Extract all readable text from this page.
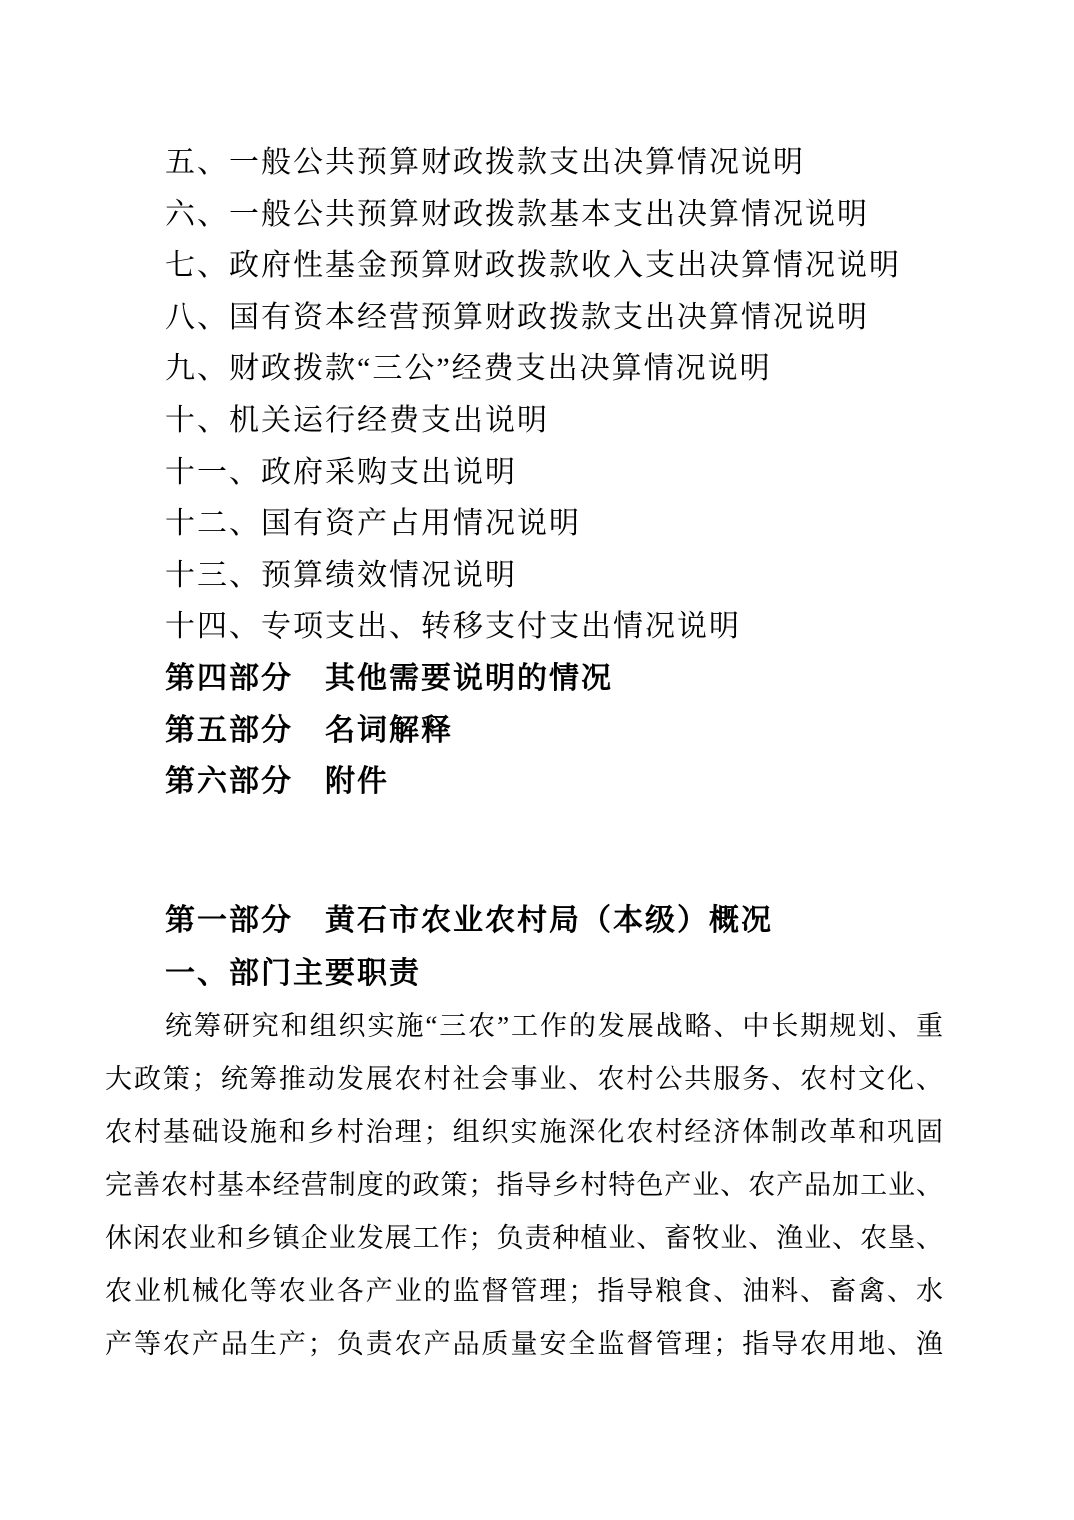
五、一般公共预算财政拨款支出决算情况说明
六、一般公共预算财政拨款基本支出决算情况说明
七、政府性基金预算财政拨款收入支出决算情况说明
八、国有资本经营预算财政拨款支出决算情况说明
九、财政拨款“三公”经费支出决算情况说明
十、机关运行经费支出说明
十一、政府采购支出说明
十二、国有资产占用情况说明
十三、预算绩效情况说明
十四、专项支出、转移支付支出情况说明
第四部分 其他需要说明的情况
第五部分 名词解释
第六部分 附件
第一部分 黄石市农业农村局（本级）概况
一、部门主要职责
统筹研究和组织实施“三农”工作的发展战略、中长期规划、重
大政策；统筹推动发展农村社会事业、农村公共服务、农村文化、
农村基础设施和乡村治理；组织实施深化农村经济体制改革和巩固
完善农村基本经营制度的政策；指导乡村特色产业、农产品加工业、
休闲农业和乡镇企业发展工作；负责种植业、畜牧业、渔业、农垦、
农业机械化等农业各产业的监督管理；指导粮食、油料、畜禽、水
产等农产品生产；负责农产品质量安全监督管理；指导农用地、渔
